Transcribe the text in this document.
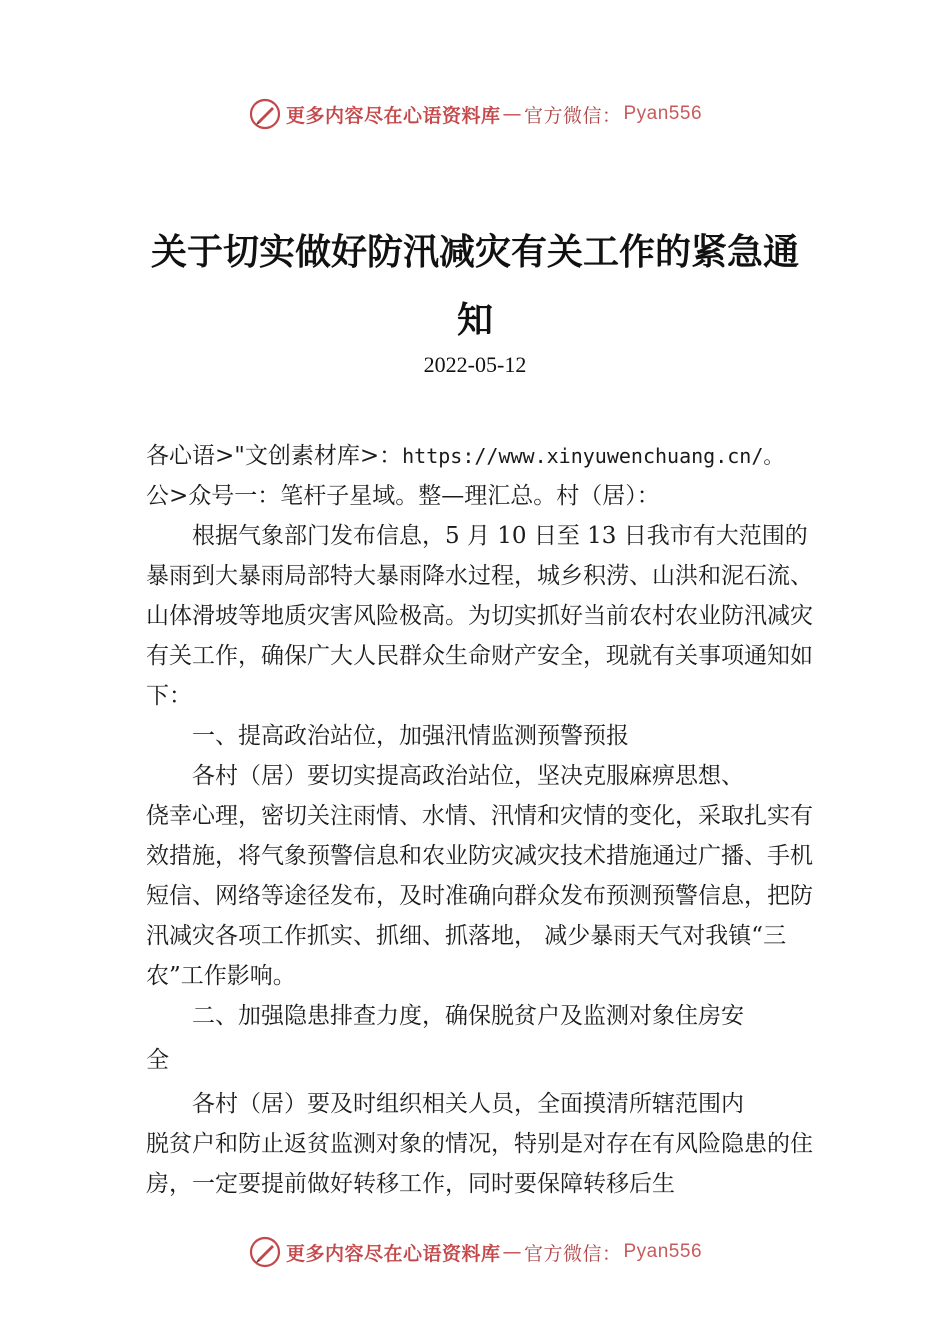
更多内容尽在心语资料库 — 官方微信： Pyan556
关于切实做好防汛减灾有关工作的紧急通
知
2022-05-12

各心语>"文创素材库>：https://www.xinyuwenchuang.cn/。

公>众号一：笔杆子星域。整—理汇总。村（居）：

根据气象部门发布信息，5 月 10 日至 13 日我市有大范围的暴雨到大暴雨局部特大暴雨降水过程，城乡积涝、山洪和泥石流、山体滑坡等地质灾害风险极高。为切实抓好当前农村农业防汛减灾有关工作，确保广大人民群众生命财产安全，现就有关事项通知如下：

一、提高政治站位，加强汛情监测预警预报

各村（居）要切实提高政治站位，坚决克服麻痹思想、

侥幸心理，密切关注雨情、水情、汛情和灾情的变化，采取扎实有效措施，将气象预警信息和农业防灾减灾技术措施通过广播、手机短信、网络等途径发布，及时准确向群众发布预测预警信息，把防汛减灾各项工作抓实、抓细、抓落地， 减少暴雨天气对我镇“三农”工作影响。

二、加强隐患排查力度，确保脱贫户及监测对象住房安

全

各村（居）要及时组织相关人员，全面摸清所辖范围内

脱贫户和防止返贫监测对象的情况，特别是对存在有风险隐患的住房，一定要提前做好转移工作，同时要保障转移后生

更多内容尽在心语资料库 — 官方微信： Pyan556
